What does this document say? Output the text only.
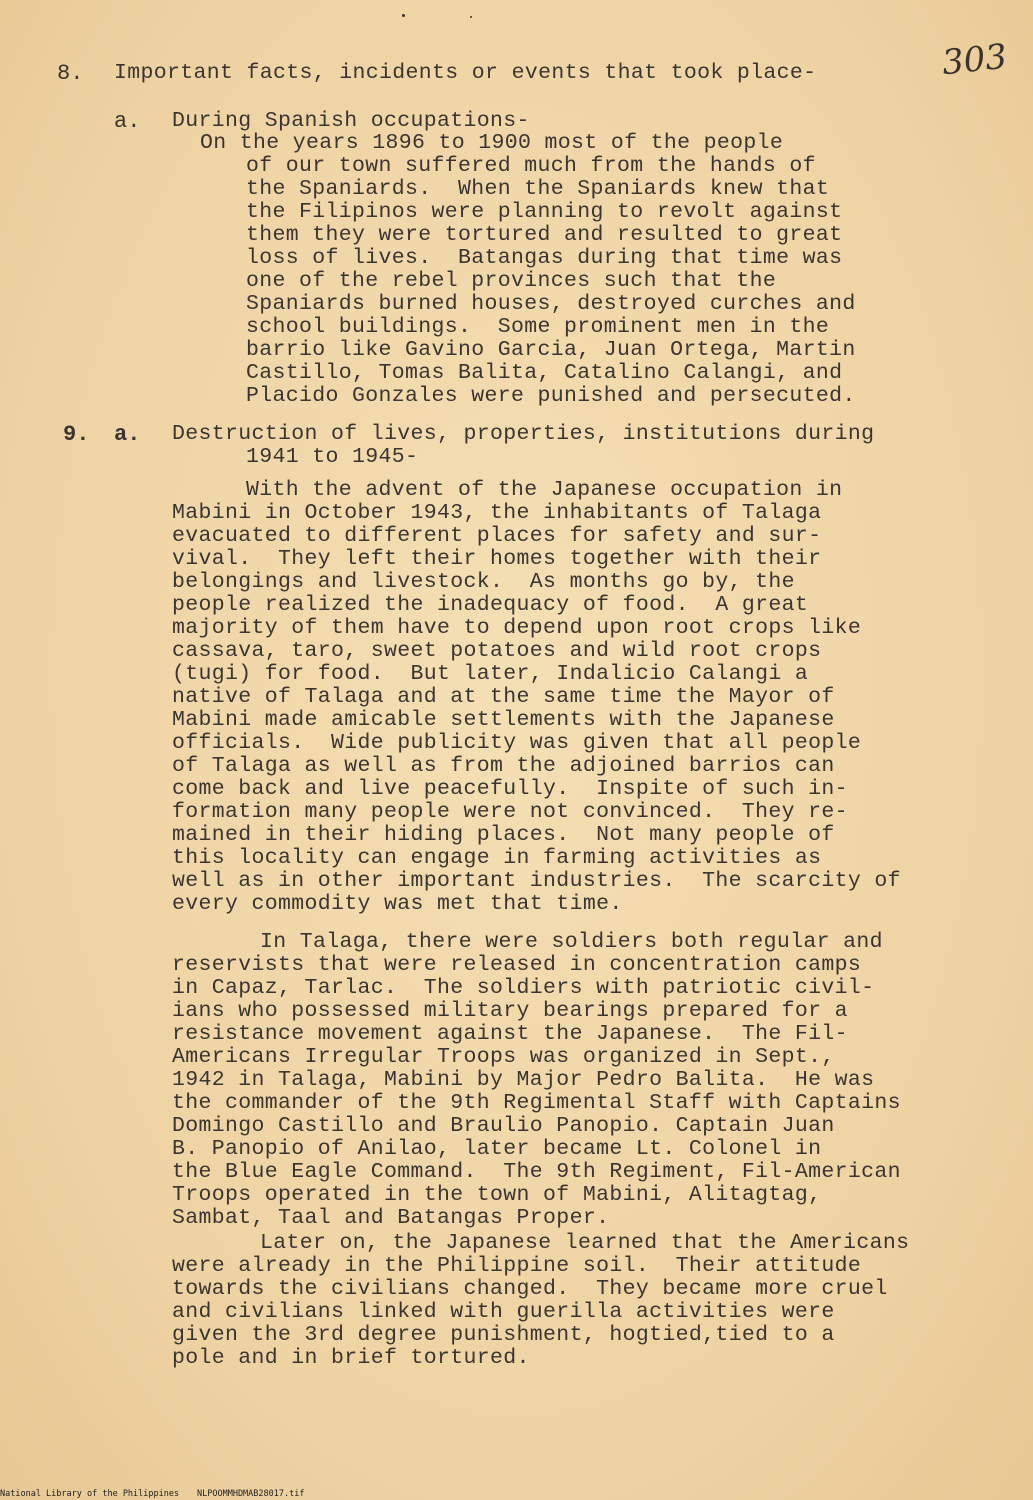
303
8. Important facts, incidents or events that took place-
a. During Spanish occupations-
On the years 1896 to 1900 most of the people
of our town suffered much from the hands of
the Spaniards.  When the Spaniards knew that
the Filipinos were planning to revolt against
them they were tortured and resulted to great
loss of lives.  Batangas during that time was
one of the rebel provinces such that the
Spaniards burned houses, destroyed curches and
school buildings.  Some prominent men in the
barrio like Gavino Garcia, Juan Ortega, Martin
Castillo, Tomas Balita, Catalino Calangi, and
Placido Gonzales were punished and persecuted.
9. a. Destruction of lives, properties, institutions during
1941 to 1945-
With the advent of the Japanese occupation in
Mabini in October 1943, the inhabitants of Talaga
evacuated to different places for safety and sur-
vival.  They left their homes together with their
belongings and livestock.  As months go by, the
people realized the inadequacy of food.  A great
majority of them have to depend upon root crops like
cassava, taro, sweet potatoes and wild root crops
(tugi) for food.  But later, Indalicio Calangi a
native of Talaga and at the same time the Mayor of
Mabini made amicable settlements with the Japanese
officials.  Wide publicity was given that all people
of Talaga as well as from the adjoined barrios can
come back and live peacefully.  Inspite of such in-
formation many people were not convinced.  They re-
mained in their hiding places.  Not many people of
this locality can engage in farming activities as
well as in other important industries.  The scarcity of
every commodity was met that time.
In Talaga, there were soldiers both regular and
reservists that were released in concentration camps
in Capaz, Tarlac.  The soldiers with patriotic civil-
ians who possessed military bearings prepared for a
resistance movement against the Japanese.  The Fil-
Americans Irregular Troops was organized in Sept.,
1942 in Talaga, Mabini by Major Pedro Balita.  He was
the commander of the 9th Regimental Staff with Captains
Domingo Castillo and Braulio Panopio. Captain Juan
B. Panopio of Anilao, later became Lt. Colonel in
the Blue Eagle Command.  The 9th Regiment, Fil-American
Troops operated in the town of Mabini, Alitagtag,
Sambat, Taal and Batangas Proper.
Later on, the Japanese learned that the Americans
were already in the Philippine soil.  Their attitude
towards the civilians changed.  They became more cruel
and civilians linked with guerilla activities were
given the 3rd degree punishment, hogtied,tied to a
pole and in brief tortured.
National Library of the Philippines NLPOOMMHDMAB28017.tif
